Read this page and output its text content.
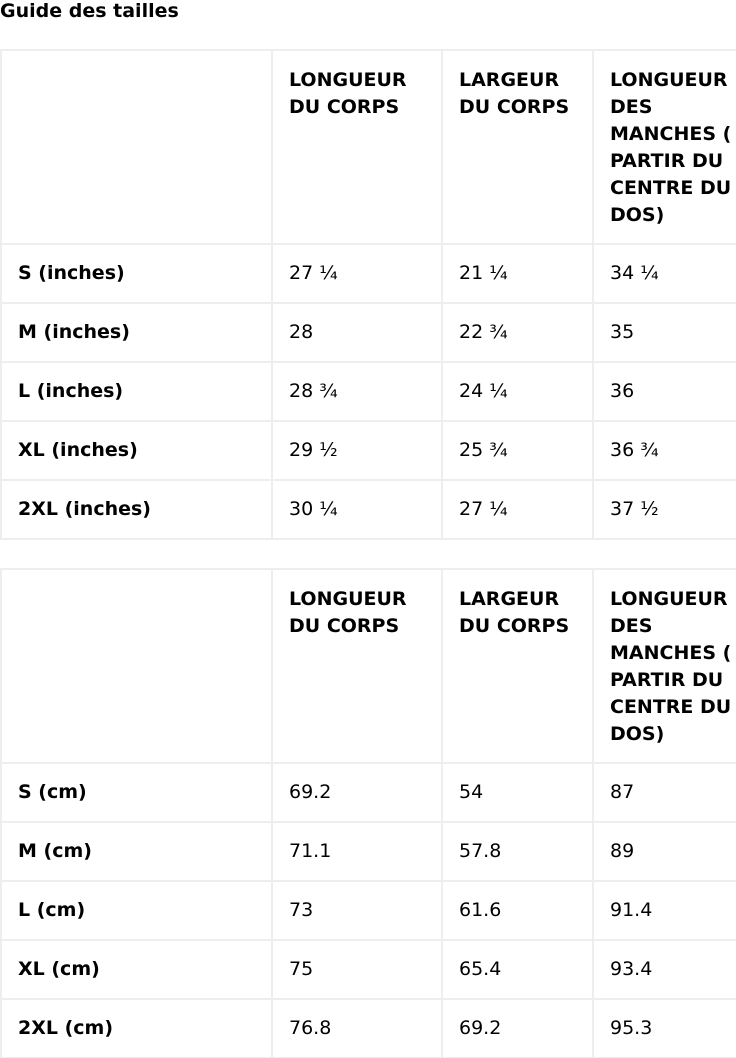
Guide des tailles

	LONGUEUR DU CORPS	LARGEUR DU CORPS	LONGUEUR DES MANCHES ( PARTIR DU CENTRE DU DOS)

S (inches)	27 ¼	21 ¼	34 ¼
M (inches)	28	22 ¾	35
L (inches)	28 ¾	24 ¼	36
XL (inches)	29 ½	25 ¾	36 ¾
2XL (inches)	30 ¼	27 ¼	37 ½

	LONGUEUR DU CORPS	LARGEUR DU CORPS	LONGUEUR DES MANCHES ( PARTIR DU CENTRE DU DOS)

S (cm)	69.2	54	87
M (cm)	71.1	57.8	89
L (cm)	73	61.6	91.4
XL (cm)	75	65.4	93.4
2XL (cm)	76.8	69.2	95.3
